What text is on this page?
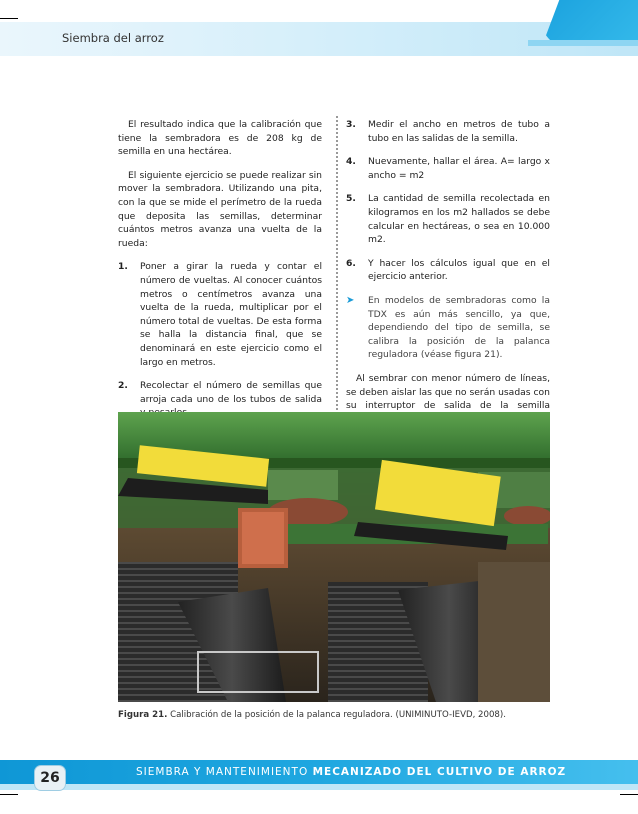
Siembra del arroz

El resultado indica que la calibración que tiene la sembradora es de 208 kg de semilla en una hectárea.

El siguiente ejercicio se puede realizar sin mover la sembradora. Utilizando una pita, con la que se mide el perímetro de la rueda que deposita las semillas, determinar cuántos metros avanza una vuelta de la rueda:

1.	Poner a girar la rueda y contar el número de vueltas. Al conocer cuántos metros o centímetros avanza una vuelta de la rueda, multiplicar por el número total de vueltas. De esta forma se halla la distancia final, que se denominará en este ejercicio como el largo en metros.
2.	Recolectar el número de semillas que arroja cada uno de los tubos de salida
3.	Medir el ancho en metros de tubo a tubo en las salidas de la semilla.
4.	Nuevamente, hallar el área. A= largo x ancho = m2
5.	La cantidad de semilla recolectada en kilogramos en los m2 hallados se debe calcular en hectáreas, o sea en 10.000 m2.
6.	Y hacer los cálculos igual que en el ejercicio anterior.
➤	En modelos de sembradoras como la TDX es aún más sencillo, ya que, dependiendo del tipo de semilla, se calibra la posición de la palanca reguladora (véase figura 21).

Al sembrar con menor número de líneas, se deben aislar las que no serán usadas con su interruptor de salida de la semilla

Figura 21. Calibración de la posición de la palanca reguladora. (UNIMINUTO-IEVD, 2008).
SIEMBRA Y MANTENIMIENTO MECANIZADO DEL CULTIVO DE ARROZ
26
